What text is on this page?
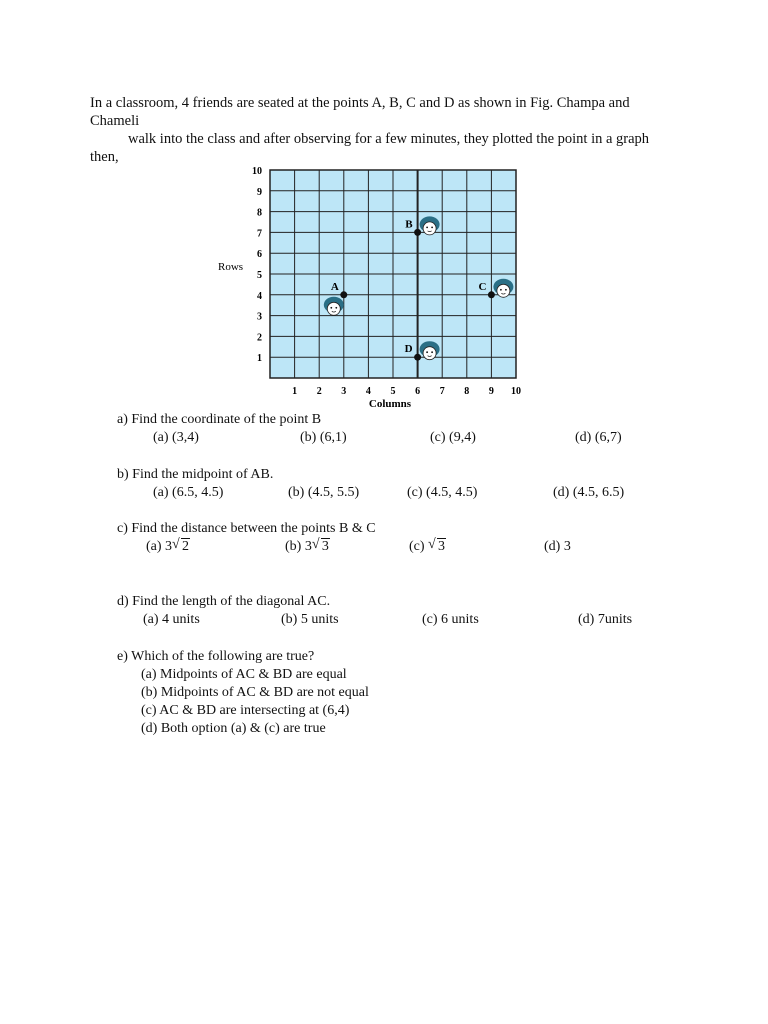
In a classroom, 4 friends are seated at the points A, B, C and D as shown in Fig. Champa and
Chameli
walk into the class and after observing for a few minutes, they plotted the point in a graph
then,
1
2
3
4
5
6
7
8
9
10
1 2 3 4 5 6 7 8 9 10
A
B
C
D
Rows
Columns
a) Find the coordinate of the point B
(a) (3,4)	(b) (6,1)	(c) (9,4)	(d) (6,7)
b) Find the midpoint of AB.
(a) (6.5, 4.5)	(b) (4.5, 5.5)	(c) (4.5, 4.5)	(d) (4.5, 6.5)
c) Find the distance between the points B & C
(a) 3 √ 2	(b) 3 √ 3	(c) √ 3	(d) 3
d) Find the length of the diagonal AC.
(a) 4 units	(b) 5 units	(c) 6 units	(d) 7units
e) Which of the following are true?
(a) Midpoints of AC & BD are equal
(b) Midpoints of AC & BD are not equal
(c) AC & BD are intersecting at (6,4)
(d) Both option (a) & (c) are true
